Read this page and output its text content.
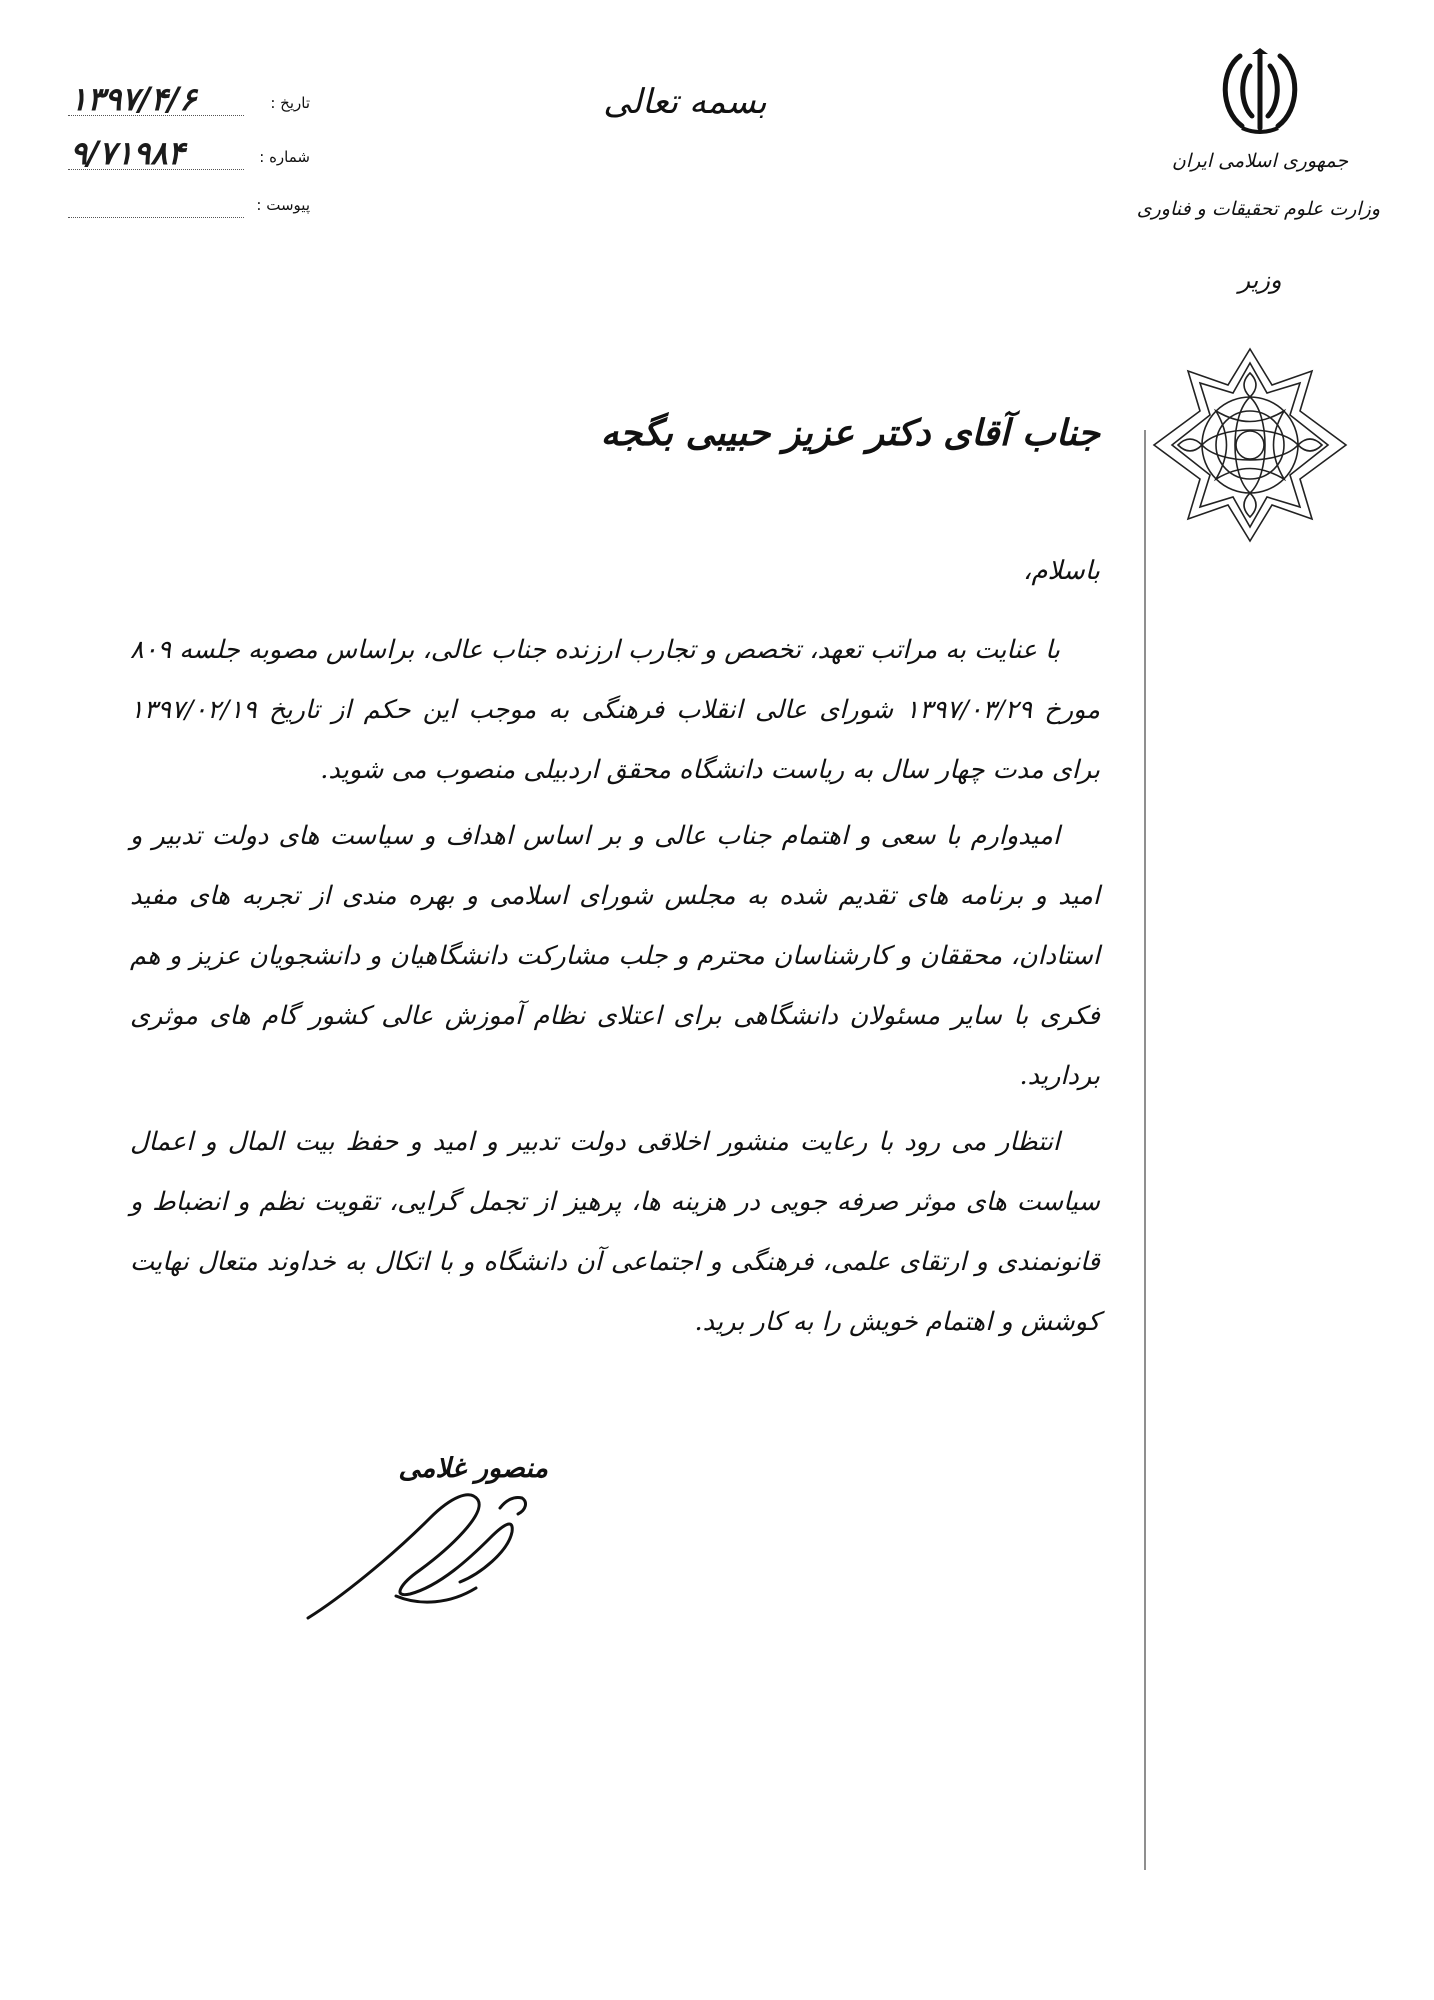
جمهوری اسلامی ایران
وزارت علوم تحقیقات و فناوری
وزیر
بسمه تعالی
تاریخ :
۱۳۹۷/۴/۶
شماره :
۹/۷۱۹۸۴
پیوست :
جناب آقای دکتر عزیز حبیبی بگجه
باسلام،

با عنایت به مراتب تعهد، تخصص و تجارب ارزنده جناب عالی، براساس مصوبه جلسه ۸۰۹ مورخ ۱۳۹۷/۰۳/۲۹ شورای عالی انقلاب فرهنگی به موجب این حکم از تاریخ ۱۳۹۷/۰۲/۱۹ برای مدت چهار سال به ریاست دانشگاه محقق اردبیلی منصوب می شوید.

امیدوارم با سعی و اهتمام جناب عالی و بر اساس اهداف و سیاست های دولت تدبیر و امید و برنامه های تقدیم شده به مجلس شورای اسلامی و بهره مندی از تجربه های مفید استادان، محققان و کارشناسان محترم و جلب مشارکت دانشگاهیان و دانشجویان عزیز و هم فکری با سایر مسئولان دانشگاهی برای اعتلای نظام آموزش عالی کشور گام های موثری بردارید.

انتظار می رود با رعایت منشور اخلاقی دولت تدبیر و امید و حفظ بیت المال و اعمال سیاست های موثر صرفه جویی در هزینه ها، پرهیز از تجمل گرایی، تقویت نظم و انضباط و قانونمندی و ارتقای علمی، فرهنگی و اجتماعی آن دانشگاه و با اتکال به خداوند متعال نهایت کوشش و اهتمام خویش را به کار برید.

منصور غلامی
